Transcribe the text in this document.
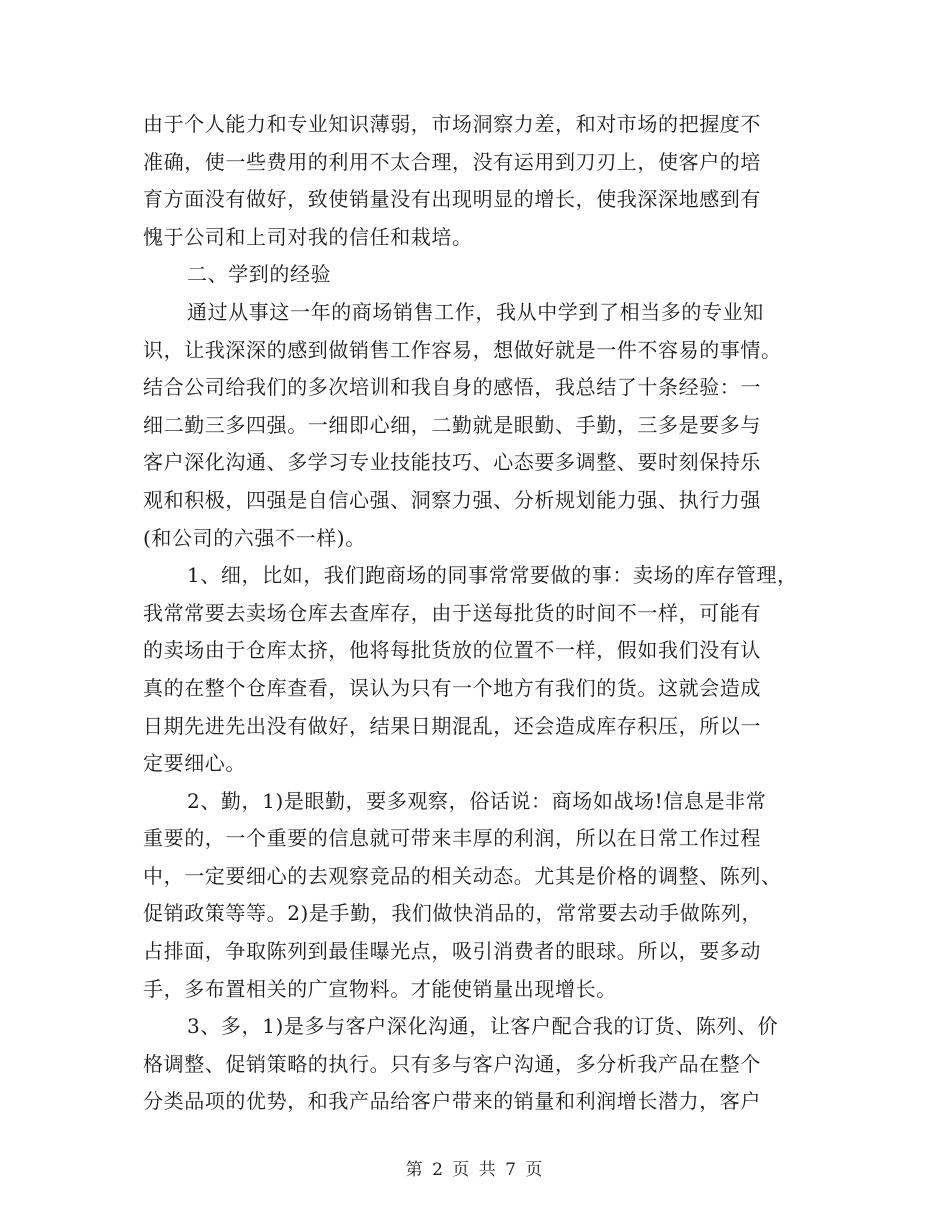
由于个人能力和专业知识薄弱，市场洞察力差，和对市场的把握度不
准确，使一些费用的利用不太合理，没有运用到刀刃上，使客户的培
育方面没有做好，致使销量没有出现明显的增长，使我深深地感到有
愧于公司和上司对我的信任和栽培。
二、学到的经验
通过从事这一年的商场销售工作，我从中学到了相当多的专业知
识，让我深深的感到做销售工作容易，想做好就是一件不容易的事情。
结合公司给我们的多次培训和我自身的感悟，我总结了十条经验：一
细二勤三多四强。一细即心细，二勤就是眼勤、手勤，三多是要多与
客户深化沟通、多学习专业技能技巧、心态要多调整、要时刻保持乐
观和积极，四强是自信心强、洞察力强、分析规划能力强、执行力强
(和公司的六强不一样)。
1、细，比如，我们跑商场的同事常常要做的事：卖场的库存管理，
我常常要去卖场仓库去查库存，由于送每批货的时间不一样，可能有
的卖场由于仓库太挤，他将每批货放的位置不一样，假如我们没有认
真的在整个仓库查看，误认为只有一个地方有我们的货。这就会造成
日期先进先出没有做好，结果日期混乱，还会造成库存积压，所以一
定要细心。
2、勤，1)是眼勤，要多观察，俗话说：商场如战场!信息是非常
重要的，一个重要的信息就可带来丰厚的利润，所以在日常工作过程
中，一定要细心的去观察竞品的相关动态。尤其是价格的调整、陈列、
促销政策等等。2)是手勤，我们做快消品的，常常要去动手做陈列，
占排面，争取陈列到最佳曝光点，吸引消费者的眼球。所以，要多动
手，多布置相关的广宣物料。才能使销量出现增长。
3、多，1)是多与客户深化沟通，让客户配合我的订货、陈列、价
格调整、促销策略的执行。只有多与客户沟通，多分析我产品在整个
分类品项的优势，和我产品给客户带来的销量和利润增长潜力，客户
第 2 页 共 7 页
